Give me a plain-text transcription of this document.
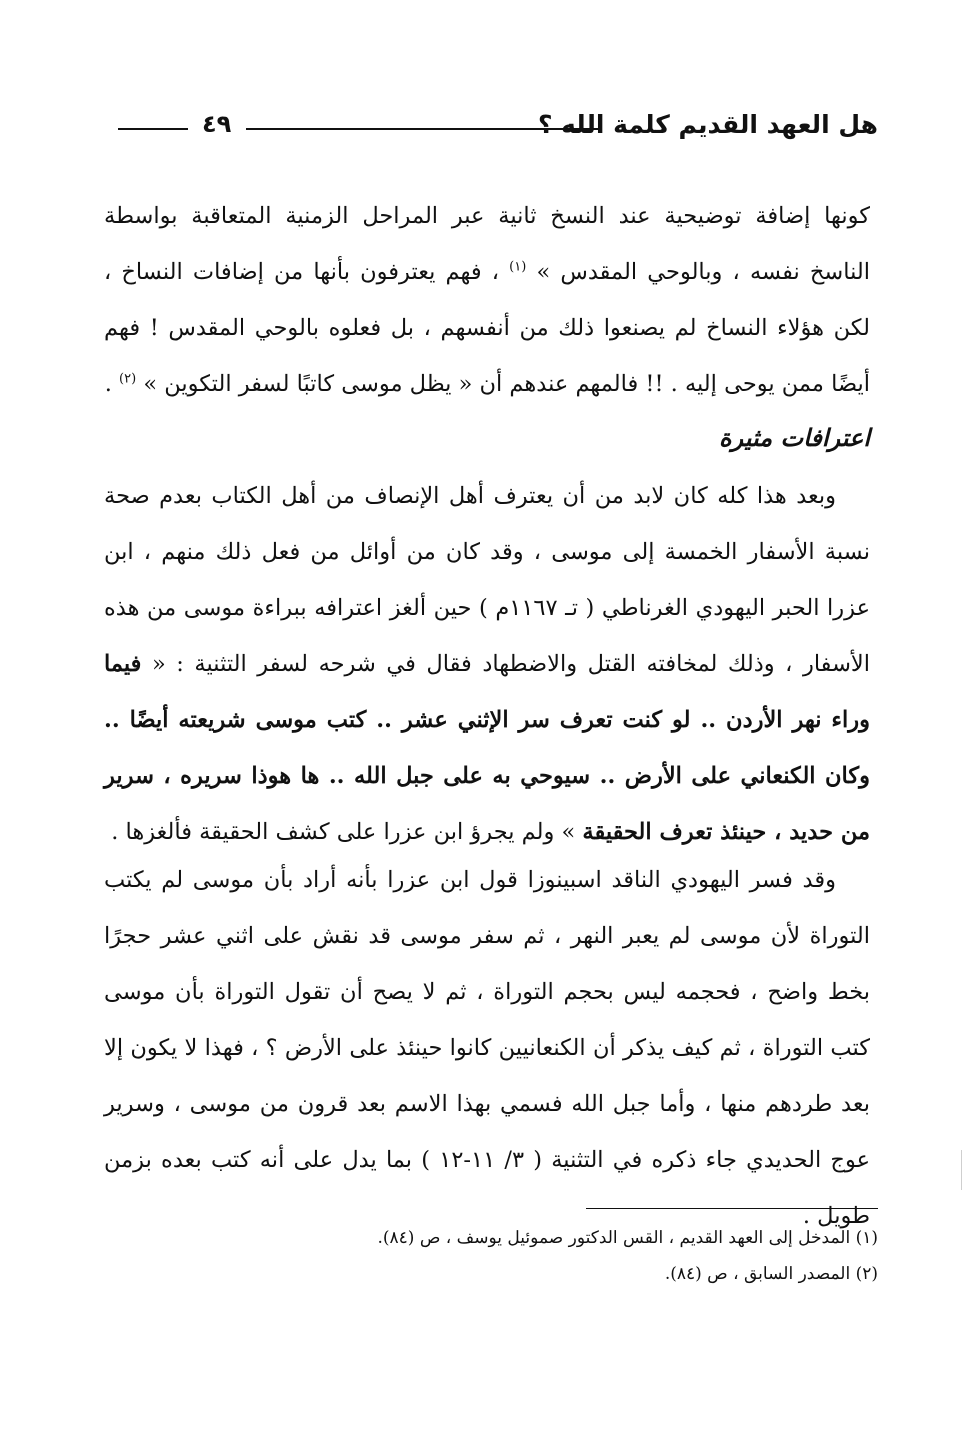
هل العهد القديم كلمة الله ؟
٤٩

كونها إضافة توضيحية عند النسخ ثانية عبر المراحل الزمنية المتعاقبة بواسطة الناسخ نفسه ، وبالوحي المقدس » $^{(١)}$ ، فهم يعترفون بأنها من إضافات النساخ ، لكن هؤلاء النساخ لم يصنعوا ذلك من أنفسهم ، بل فعلوه بالوحي المقدس ! فهم أيضًا ممن يوحى إليه . !! فالمهم عندهم أن « يظل موسى كاتبًا لسفر التكوين » $^{(٢)}$ .

اعترافات مثيرة

وبعد هذا كله كان لابد من أن يعترف أهل الإنصاف من أهل الكتاب بعدم صحة نسبة الأسفار الخمسة إلى موسى ، وقد كان من أوائل من فعل ذلك منهم ، ابن عزرا الحبر اليهودي الغرناطي ( تـ ١١٦٧م ) حين ألغز اعترافه ببراءة موسى من هذه الأسفار ، وذلك لمخافته القتل والاضطهاد فقال في شرحه لسفر التثنية : « فيما وراء نهر الأردن .. لو كنت تعرف سر الإثني عشر .. كتب موسى شريعته أيضًا .. وكان الكنعاني على الأرض .. سيوحي به على جبل الله .. ها هوذا سريره ، سرير من حديد ، حينئذ تعرف الحقيقة » ولم يجرؤ ابن عزرا على كشف الحقيقة فألغزها .

وقد فسر اليهودي الناقد اسبينوزا قول ابن عزرا بأنه أراد بأن موسى لم يكتب التوراة لأن موسى لم يعبر النهر ، ثم سفر موسى قد نقش على اثني عشر حجرًا بخط واضح ، فحجمه ليس بحجم التوراة ، ثم لا يصح أن تقول التوراة بأن موسى كتب التوراة ، ثم كيف يذكر أن الكنعانيين كانوا حينئذ على الأرض ؟ ، فهذا لا يكون إلا بعد طردهم منها ، وأما جبل الله فسمي بهذا الاسم بعد قرون من موسى ، وسرير عوج الحديدي جاء ذكره في التثنية ( ٣/ ١١-١٢ ) بما يدل على أنه كتب بعده بزمن طويل .

(١) المدخل إلى العهد القديم ، القس الدكتور صموئيل يوسف ، ص (٨٤).
(٢) المصدر السابق ، ص (٨٤).
